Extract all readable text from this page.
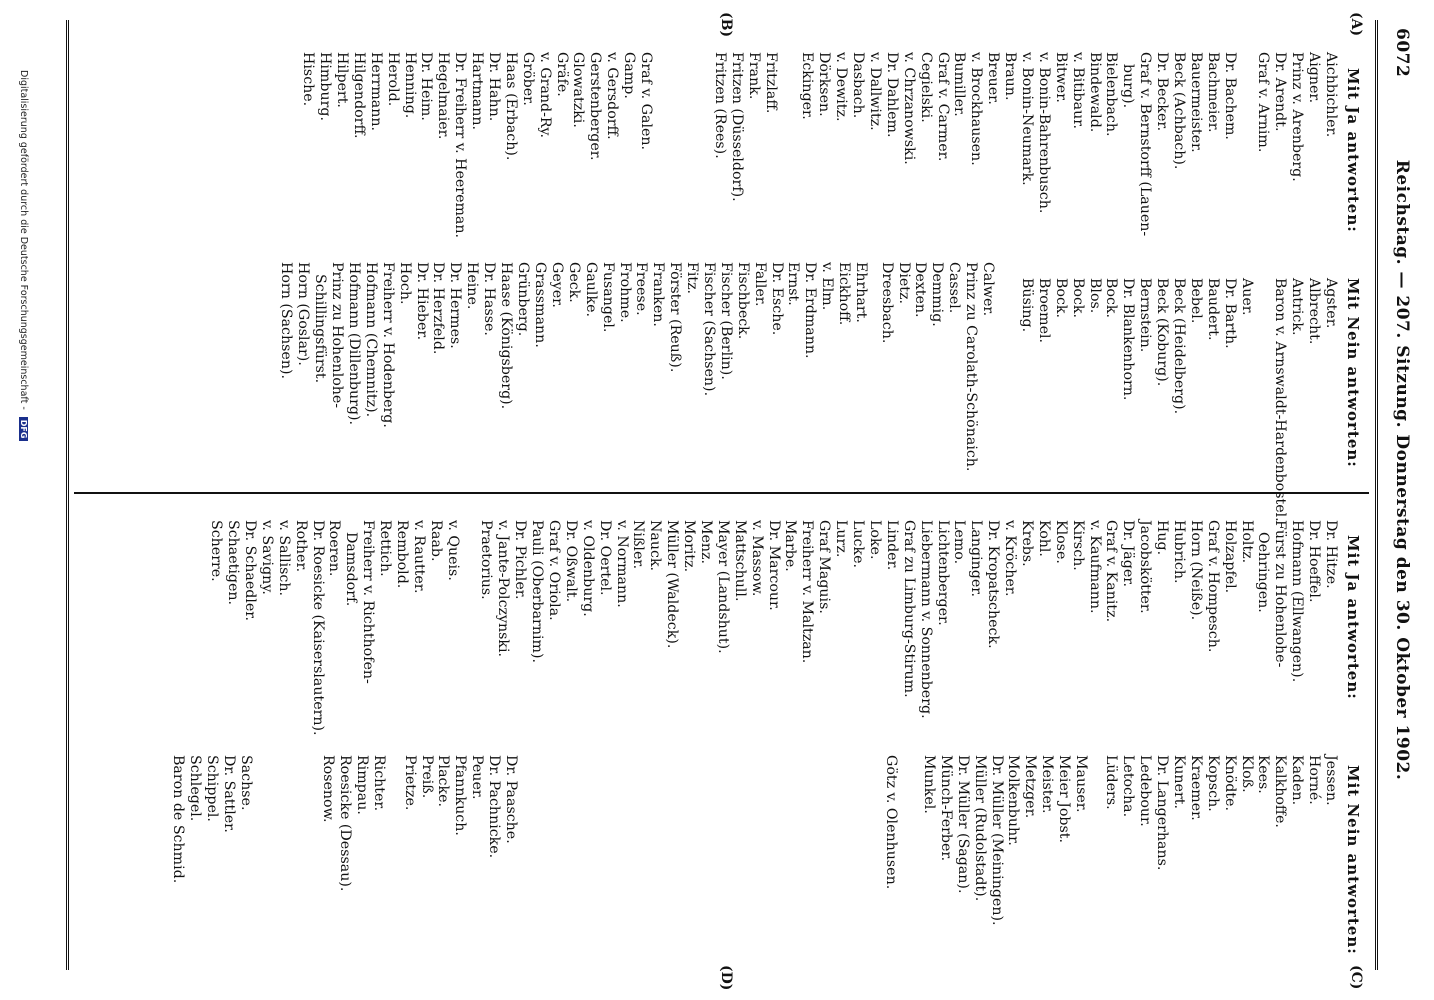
6072
Reichstag. — 207. Sitzung. Donnerstag den 30. Oktober 1902.
(A)
(B)
(C)
(D)
Mit Ja antworten:
Mit Nein antworten:
Aichbichler.
Aigner.
Prinz v. Arenberg.
Dr. Arendt.
Graf v. Arnim.
Dr. Bachem.
Bachmeier.
Bauermeister.
Beck (Achbach).
Dr. Becker.
Graf v. Bernstorff (Lauen-
burg).
Bielenbach.
Bindewald.
v. Bitibaur.
Bitwer.
v. Bonin-Bahrenbusch.
v. Bonin-Neumark.
Braun.
Breuer.
v. Brockhausen.
Bumiller.
Graf v. Carmer.
Cegielski.
v. Chrzanowski.
Dr. Dahlem.
v. Dallwitz.
Dasbach.
v. Dewitz.
Dörksen.
Eckinger.
Fritzlaff.
Frank.
Fritzen (Düsseldorf).
Fritzen (Rees).
Graf v. Galen.
Gamp.
v. Gersdorff.
Gerstenberger.
Glowatzki.
Gräfe.
v. Grand-Ry.
Gröber.
Haas (Erbach).
Dr. Hahn.
Hartmann.
Dr. Freiherr v. Heereman.
Hegelmaier.
Dr. Heim.
Henning.
Herold.
Herrmann.
Hilgendorff.
Hilpert.
Himburg.
Hische.
Agster.
Albrecht.
Antrick.
Baron v. Arnswaldt-Hardenbostel.
Auer.
Dr. Barth.
Baudert.
Bebel.
Beck (Heidelberg).
Beck (Koburg).
Bernstein.
Dr. Blankenhorn.
Bock.
Blos.
Bock.
Bock.
Broemel.
Büsing.
Calwer.
Prinz zu Carolath-Schönaich.
Cassel.
Demmig.
Dexten.
Dietz.
Dreesbach.
Ehrhart.
Eickhoff.
v. Elm.
Dr. Erdmann.
Ernst.
Dr. Esche.
Faller.
Fischbeck.
Fischer (Berlin).
Fischer (Sachsen).
Fitz.
Förster (Reuß).
Franken.
Freese.
Frohme.
Fusangel.
Gaulke.
Geck.
Geyer.
Grassmann.
Grünberg.
Haase (Königsberg).
Dr. Hasse.
Heine.
Dr. Hermes.
Dr. Herzfeld.
Dr. Hieber.
Hoch.
Freiherr v. Hodenberg.
Hofmann (Chemnitz).
Hofmann (Dillenburg).
Prinz zu Hohenlohe-
Schillingsfürst.
Horn (Goslar).
Horn (Sachsen).
Mit Ja antworten:
Mit Nein antworten:
Dr. Hitze.
Dr. Hoeffel.
Hofmann (Ellwangen).
Fürst zu Hohenlohe-
Oehringen.
Holtz.
Holzapfel.
Graf v. Hompesch.
Horn (Neiße).
Hubrich.
Hug.
Jacobskötter.
Dr. Jäger.
Graf v. Kanitz.
v. Kaufmann.
Kirsch.
Klose.
Kohl.
Krebs.
v. Kröcher.
Dr. Kropatscheck.
Langinger.
Lemo.
Lichtenberger.
Liebermann v. Sonnenberg.
Graf zu Limburg-Stirum.
Linder.
Loke.
Lucke.
Lurz.
Graf Maguis.
Freiherr v. Maltzan.
Marbe.
Dr. Marcour.
v. Massow.
Mattschull.
Mayer (Landshut).
Menz.
Moritz.
Müller (Waldeck).
Nauck.
Nißler.
v. Normann.
Dr. Oertel.
v. Oldenburg.
Dr. Oßwalt.
Graf v. Oriola.
Pauli (Oberbarnim).
Dr. Pichler.
v. Jante-Polczynski.
Praetorius.
v. Queis.
Raab.
v. Rautter.
Rembold.
Rettich.
Freiherr v. Richthofen-
Damsdorf.
Roeren.
Dr. Roesicke (Kaiserslautern).
Rother.
v. Sallisch.
v. Savigny.
Dr. Schaedler.
Schaetigen.
Scherre.
Jessen.
Horné.
Kaden.
Kalkhoffe.
Kees.
Kloß.
Knödte.
Kopsch.
Kraemer.
Kunert.
Dr. Langerhans.
Ledebour.
Letocha.
Lüders.
Mauser.
Meier Jobst.
Meister.
Metzger.
Molkenbuhr.
Dr. Müller (Meiningen).
Müller (Rudolstadt).
Dr. Müller (Sagan).
Münch-Ferber.
Munkel.
Götz v. Olenhusen.
Dr. Paasche.
Dr. Pachnicke.
Peuer.
Pfannkuch.
Placke.
Preiß.
Prietze.
Richter.
Rimpau.
Roesicke (Dessau).
Rosenow.
Sachse.
Dr. Sattler.
Schippel.
Schlegel.
Baron de Schmid.
Digitalisierung gefördert durch die Deutsche Forschungsgemeinschaft - DFG
